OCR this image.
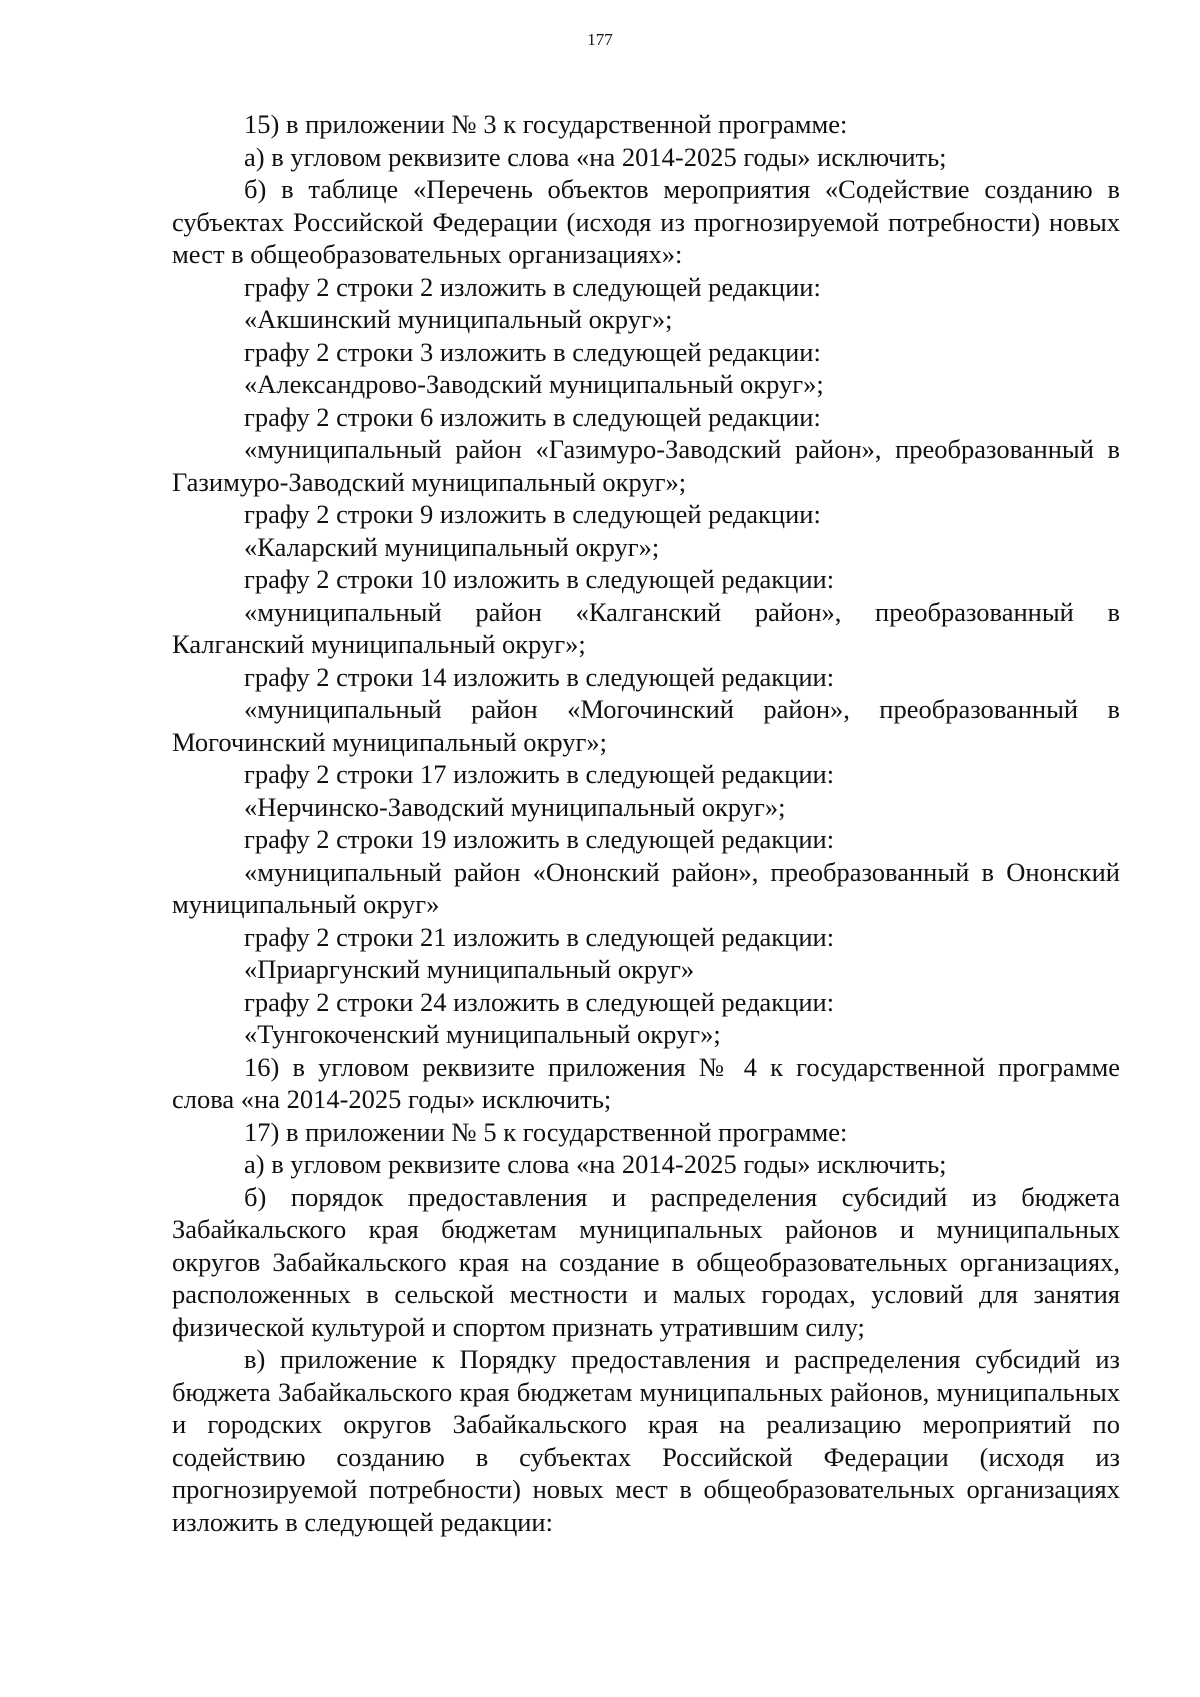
177

15) в приложении № 3 к государственной программе:

а) в угловом реквизите слова «на 2014-2025 годы» исключить;

б) в таблице «Перечень объектов мероприятия «Содействие созданию в субъектах Российской Федерации (исходя из прогнозируемой потребности) новых мест в общеобразовательных организациях»:

графу 2 строки 2 изложить в следующей редакции:

«Акшинский муниципальный округ»;

графу 2 строки 3 изложить в следующей редакции:

«Александрово-Заводский муниципальный округ»;

графу 2 строки 6 изложить в следующей редакции:

«муниципальный район «Газимуро-Заводский район», преобразованный в Газимуро-Заводский муниципальный округ»;

графу 2 строки 9 изложить в следующей редакции:

«Каларский муниципальный округ»;

графу 2 строки 10 изложить в следующей редакции:

«муниципальный район «Калганский район», преобразованный в Калганский муниципальный округ»;

графу 2 строки 14 изложить в следующей редакции:

«муниципальный район «Могочинский район», преобразованный в Могочинский муниципальный округ»;

графу 2 строки 17 изложить в следующей редакции:

«Нерчинско-Заводский муниципальный округ»;

графу 2 строки 19 изложить в следующей редакции:

«муниципальный район «Ононский район», преобразованный в Ононский муниципальный округ»

графу 2 строки 21 изложить в следующей редакции:

«Приаргунский муниципальный округ»

графу 2 строки 24 изложить в следующей редакции:

«Тунгокоченский муниципальный округ»;

16) в угловом реквизите приложения № 4 к государственной программе слова «на 2014-2025 годы» исключить;

17) в приложении № 5 к государственной программе:

а) в угловом реквизите слова «на 2014-2025 годы» исключить;

б) порядок предоставления и распределения субсидий из бюджета Забайкальского края бюджетам муниципальных районов и муниципальных округов Забайкальского края на создание в общеобразовательных организациях, расположенных в сельской местности и малых городах, условий для занятия физической культурой и спортом признать утратившим силу;

в) приложение к Порядку предоставления и распределения субсидий из бюджета Забайкальского края бюджетам муниципальных районов, муниципальных и городских округов Забайкальского края на реализацию мероприятий по содействию созданию в субъектах Российской Федерации (исходя из прогнозируемой потребности) новых мест в общеобразовательных организациях изложить в следующей редакции:
